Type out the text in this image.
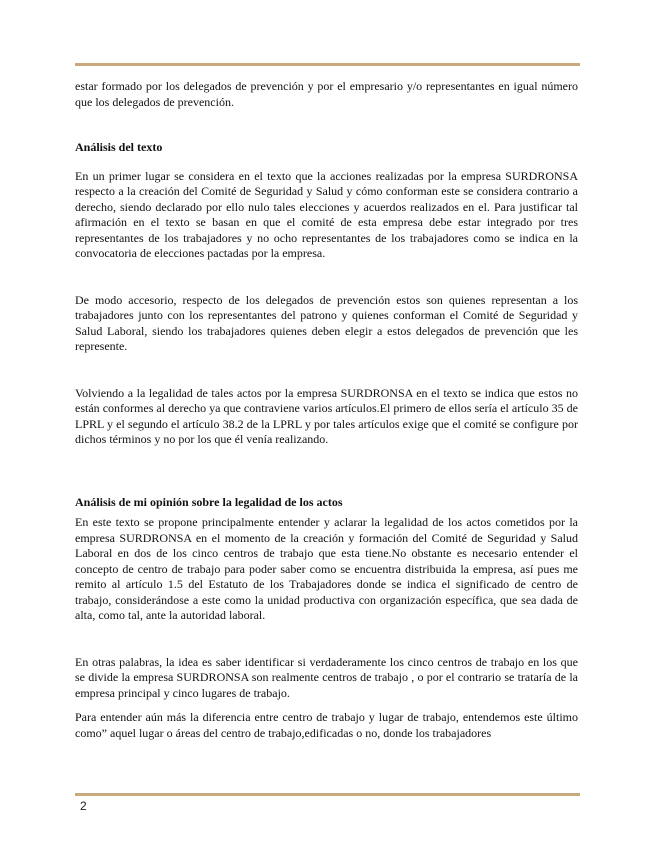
estar formado por los delegados de prevención y por el empresario y/o representantes en igual número que los delegados de prevención.

Análisis del texto

En un primer lugar se considera en el texto que la acciones realizadas por la empresa SURDRONSA respecto a la creación del Comité de Seguridad y Salud y cómo conforman este se considera contrario a derecho, siendo declarado por ello nulo tales elecciones y acuerdos realizados en el. Para justificar tal afirmación en el texto se basan en que el comité de esta empresa debe estar integrado por tres representantes de los trabajadores y no ocho representantes de los trabajadores como se indica en la convocatoria de elecciones pactadas por la empresa.

De modo accesorio, respecto de los delegados de prevención estos son quienes representan a los trabajadores junto con los representantes del patrono y quienes conforman el Comité de Seguridad y Salud Laboral, siendo los trabajadores quienes deben elegir a estos delegados de prevención que les represente.

Volviendo a la legalidad de tales actos por la empresa SURDRONSA en el texto se indica que estos no están conformes al derecho ya que contraviene varios artículos.El primero de ellos sería el artículo 35 de LPRL y el segundo el artículo 38.2 de la LPRL y por tales artículos exige que el comité se configure por dichos términos y no por los que él venía realizando.

Análisis de mi opinión sobre la legalidad de los actos

En este texto se propone principalmente entender y aclarar la legalidad de los actos cometidos por la empresa SURDRONSA en el momento de la creación y formación del Comité de Seguridad y Salud Laboral en dos de los cinco centros de trabajo que esta tiene.No obstante es necesario entender el concepto de centro de trabajo para poder saber como se encuentra distribuida la empresa, así pues me remito al artículo 1.5 del Estatuto de los Trabajadores donde se indica el significado de centro de trabajo, considerándose a este como la unidad productiva con organización específica, que sea dada de alta, como tal, ante la autoridad laboral.

En otras palabras, la idea es saber identificar si verdaderamente los cinco centros de trabajo en los que se divide la empresa SURDRONSA son realmente centros de trabajo , o por el contrario se trataría de la empresa principal y cinco lugares de trabajo.

Para entender aún más la diferencia entre centro de trabajo y lugar de trabajo, entendemos este último como” aquel lugar o áreas del centro de trabajo,edificadas o no, donde los trabajadores

2
